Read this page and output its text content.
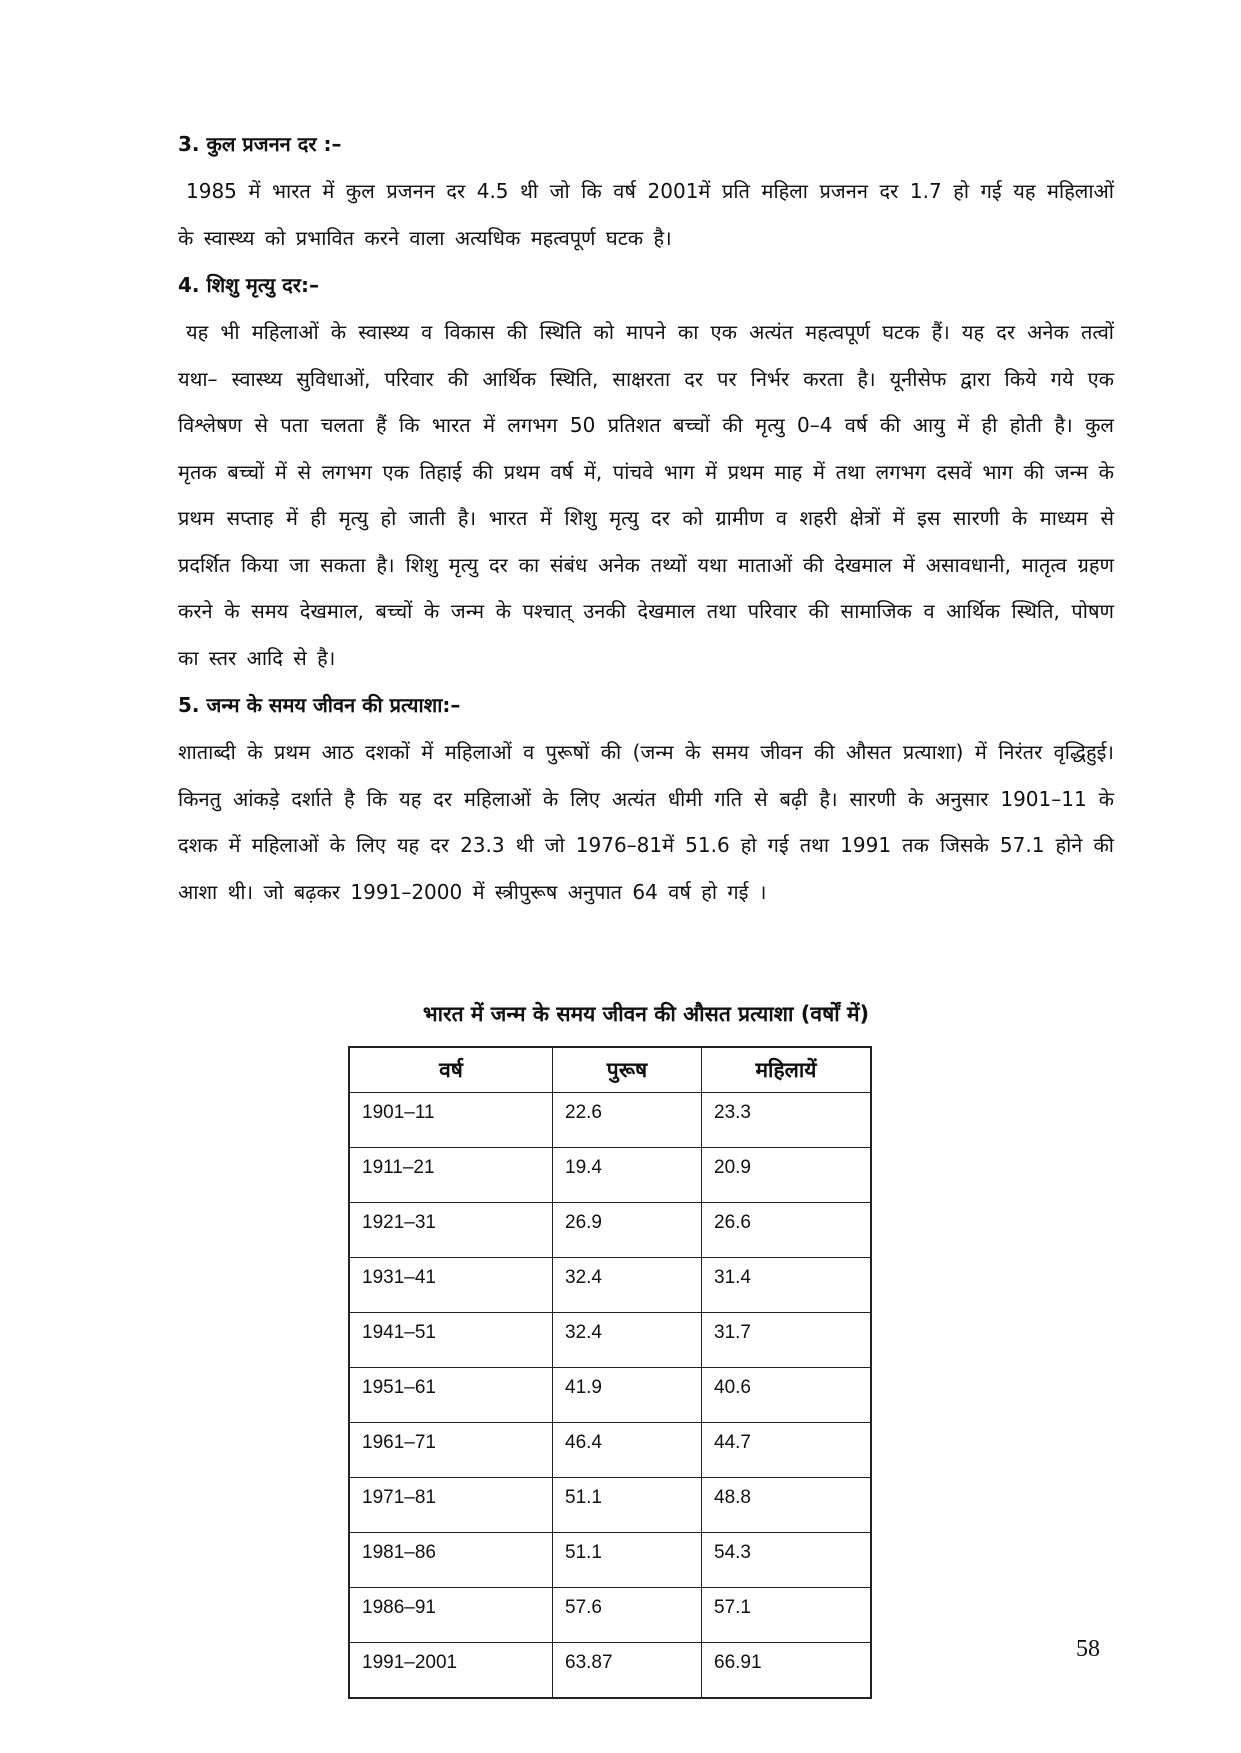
3. कुल प्रजनन दर :–

1985 में भारत में कुल प्रजनन दर 4.5 थी जो कि वर्ष 2001में प्रति महिला प्रजनन दर 1.7 हो गई यह महिलाओं के स्वास्थ्य को प्रभावित करने वाला अत्यधिक महत्वपूर्ण घटक है।

4. शिशु मृत्यु दर:–

यह भी महिलाओं के स्वास्थ्य व विकास की स्थिति को मापने का एक अत्यंत महत्वपूर्ण घटक हैं। यह दर अनेक तत्वों यथा– स्वास्थ्य सुविधाओं, परिवार की आर्थिक स्थिति, साक्षरता दर पर निर्भर करता है। यूनीसेफ द्वारा किये गये एक विश्लेषण से पता चलता हैं कि भारत में लगभग 50 प्रतिशत बच्चों की मृत्यु 0–4 वर्ष की आयु में ही होती है। कुल मृतक बच्चों में से लगभग एक तिहाई की प्रथम वर्ष में, पांचवे भाग में प्रथम माह में तथा लगभग दसवें भाग की जन्म के प्रथम सप्ताह में ही मृत्यु हो जाती है। भारत में शिशु मृत्यु दर को ग्रामीण व शहरी क्षेत्रों में इस सारणी के माध्यम से प्रदर्शित किया जा सकता है। शिशु मृत्यु दर का संबंध अनेक तथ्यों यथा माताओं की देखमाल में असावधानी, मातृत्व ग्रहण करने के समय देखमाल, बच्चों के जन्म के पश्चात् उनकी देखमाल तथा परिवार की सामाजिक व आर्थिक स्थिति, पोषण का स्तर आदि से है।

5. जन्म के समय जीवन की प्रत्याशा:–

शाताब्दी के प्रथम आठ दशकों में महिलाओं व पुरूषों की (जन्म के समय जीवन की औसत प्रत्याशा) में निरंतर वृद्धिहुई। किनतु आंकड़े दर्शाते है कि यह दर महिलाओं के लिए अत्यंत धीमी गति से बढ़ी है। सारणी के अनुसार 1901–11 के दशक में महिलाओं के लिए यह दर 23.3 थी जो 1976–81में 51.6 हो गई तथा 1991 तक जिसके 57.1 होने की आशा थी। जो बढ़कर 1991–2000 में स्त्रीपुरूष अनुपात 64 वर्ष हो गई ।

भारत में जन्म के समय जीवन की औसत प्रत्याशा (वर्षों में)

वर्ष	पुरूष	महिलायें
1901–11	22.6	23.3
1911–21	19.4	20.9
1921–31	26.9	26.6
1931–41	32.4	31.4
1941–51	32.4	31.7
1951–61	41.9	40.6
1961–71	46.4	44.7
1971–81	51.1	48.8
1981–86	51.1	54.3
1986–91	57.6	57.1
1991–2001	63.87	66.91
58
